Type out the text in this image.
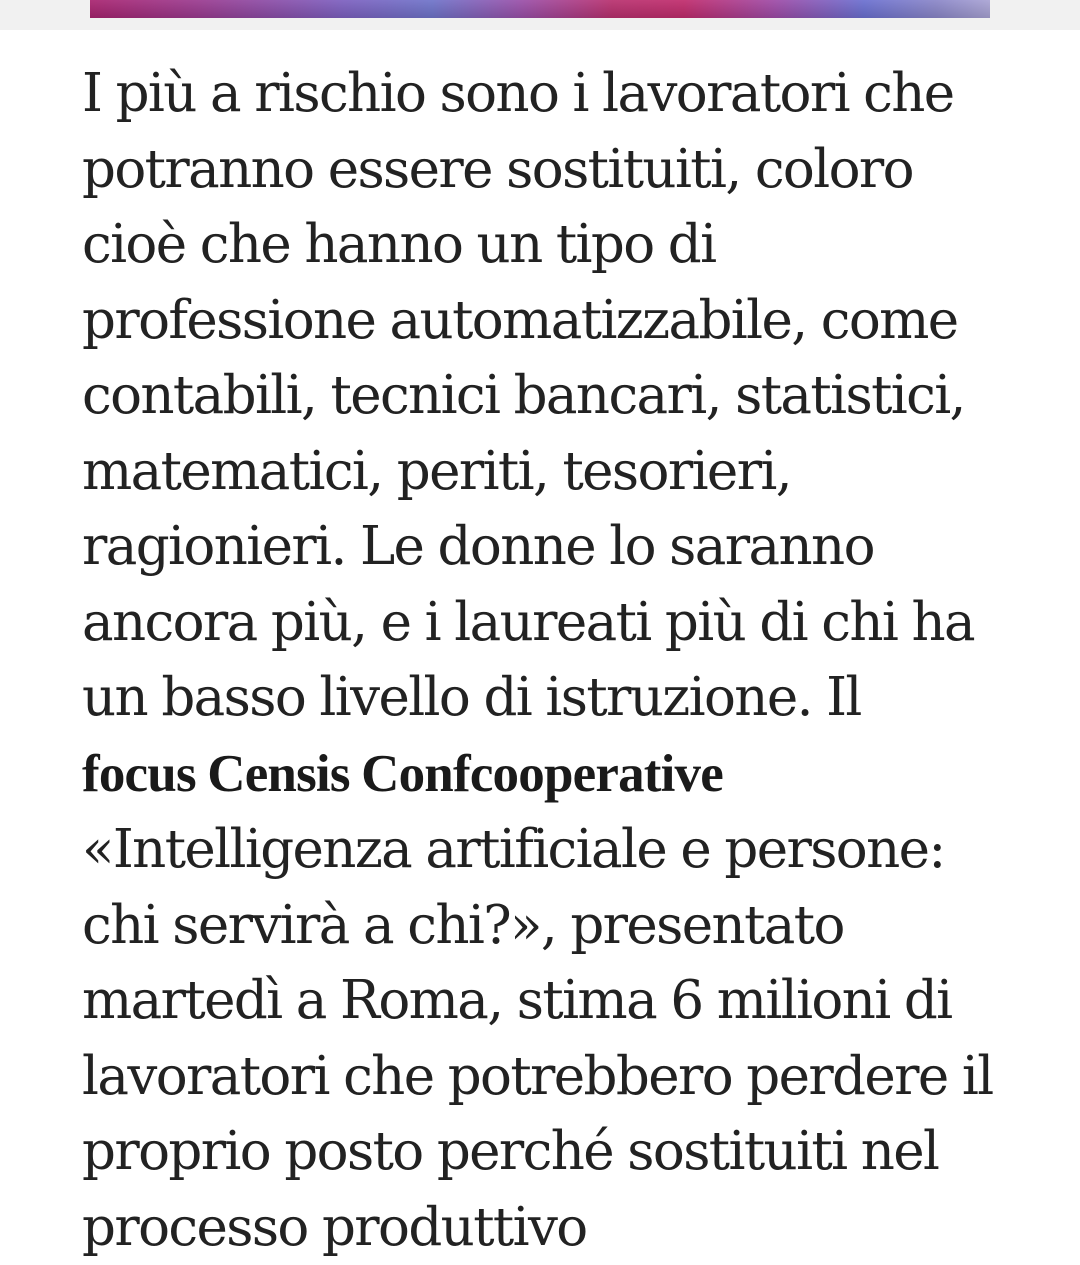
I più a rischio sono i lavoratori che
potranno essere sostituiti, coloro
cioè che hanno un tipo di
professione automatizzabile, come
contabili, tecnici bancari, statistici,
matematici, periti, tesorieri,
ragionieri. Le donne lo saranno
ancora più, e i laureati più di chi ha
un basso livello di istruzione. Il
focus Censis Confcooperative
«Intelligenza artificiale e persone:
chi servirà a chi?», presentato
martedì a Roma, stima 6 milioni di
lavoratori che potrebbero perdere il
proprio posto perché sostituiti nel
processo produttivo
